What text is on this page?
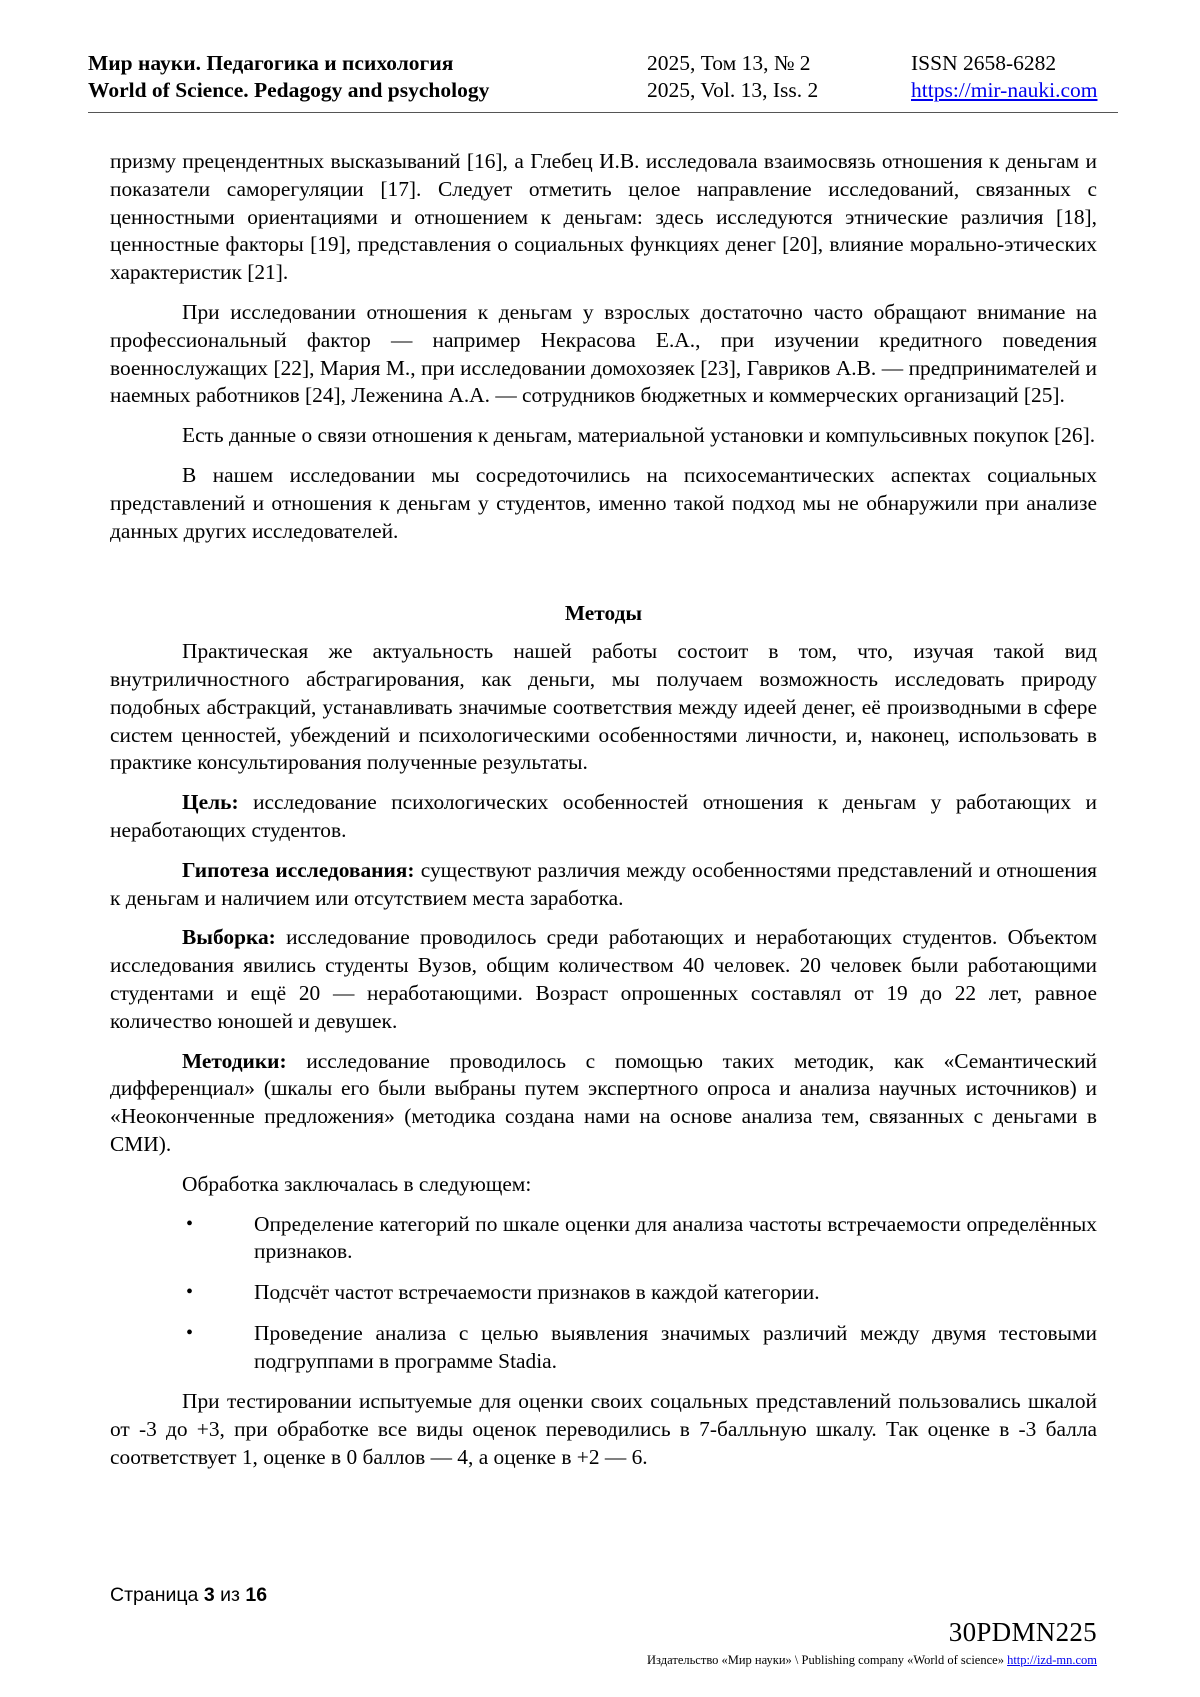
Мир науки. Педагогика и психология
World of Science. Pedagogy and psychology
2025, Том 13, № 2
2025, Vol. 13, Iss. 2
ISSN 2658-6282
https://mir-nauki.com

призму прецендентных высказываний [16], а Глебец И.В. исследовала взаимосвязь отношения к деньгам и показатели саморегуляции [17]. Следует отметить целое направление исследований, связанных с ценностными ориентациями и отношением к деньгам: здесь исследуются этнические различия [18], ценностные факторы [19], представления о социальных функциях денег [20], влияние морально-этических характеристик [21].

При исследовании отношения к деньгам у взрослых достаточно часто обращают внимание на профессиональный фактор — например Некрасова Е.А., при изучении кредитного поведения военнослужащих [22], Мария М., при исследовании домохозяек [23], Гавриков А.В. — предпринимателей и наемных работников [24], Леженина А.А. — сотрудников бюджетных и коммерческих организаций [25].

Есть данные о связи отношения к деньгам, материальной установки и компульсивных покупок [26].

В нашем исследовании мы сосредоточились на психосемантических аспектах социальных представлений и отношения к деньгам у студентов, именно такой подход мы не обнаружили при анализе данных других исследователей.

Методы

Практическая же актуальность нашей работы состоит в том, что, изучая такой вид внутриличностного абстрагирования, как деньги, мы получаем возможность исследовать природу подобных абстракций, устанавливать значимые соответствия между идеей денег, её производными в сфере систем ценностей, убеждений и психологическими особенностями личности, и, наконец, использовать в практике консультирования полученные результаты.

Цель: исследование психологических особенностей отношения к деньгам у работающих и неработающих студентов.

Гипотеза исследования: существуют различия между особенностями представлений и отношения к деньгам и наличием или отсутствием места заработка.

Выборка: исследование проводилось среди работающих и неработающих студентов. Объектом исследования явились студенты Вузов, общим количеством 40 человек. 20 человек были работающими студентами и ещё 20 — неработающими. Возраст опрошенных составлял от 19 до 22 лет, равное количество юношей и девушек.

Методики: исследование проводилось с помощью таких методик, как «Семантический дифференциал» (шкалы его были выбраны путем экспертного опроса и анализа научных источников) и «Неоконченные предложения» (методика создана нами на основе анализа тем, связанных с деньгами в СМИ).

Обработка заключалась в следующем:

•	Определение категорий по шкале оценки для анализа частоты встречаемости определённых признаков.
•	Подсчёт частот встречаемости признаков в каждой категории.
•	Проведение анализа с целью выявления значимых различий между двумя тестовыми подгруппами в программе Stadia.

При тестировании испытуемые для оценки своих соцальных представлений пользовались шкалой от -3 до +3, при обработке все виды оценок переводились в 7-балльную шкалу. Так оценке в -3 балла соответствует 1, оценке в 0 баллов — 4, а оценке в +2 — 6.

Страница 3 из 16
30PDMN225
Издательство «Мир науки» \ Publishing company «World of science» http://izd-mn.com
